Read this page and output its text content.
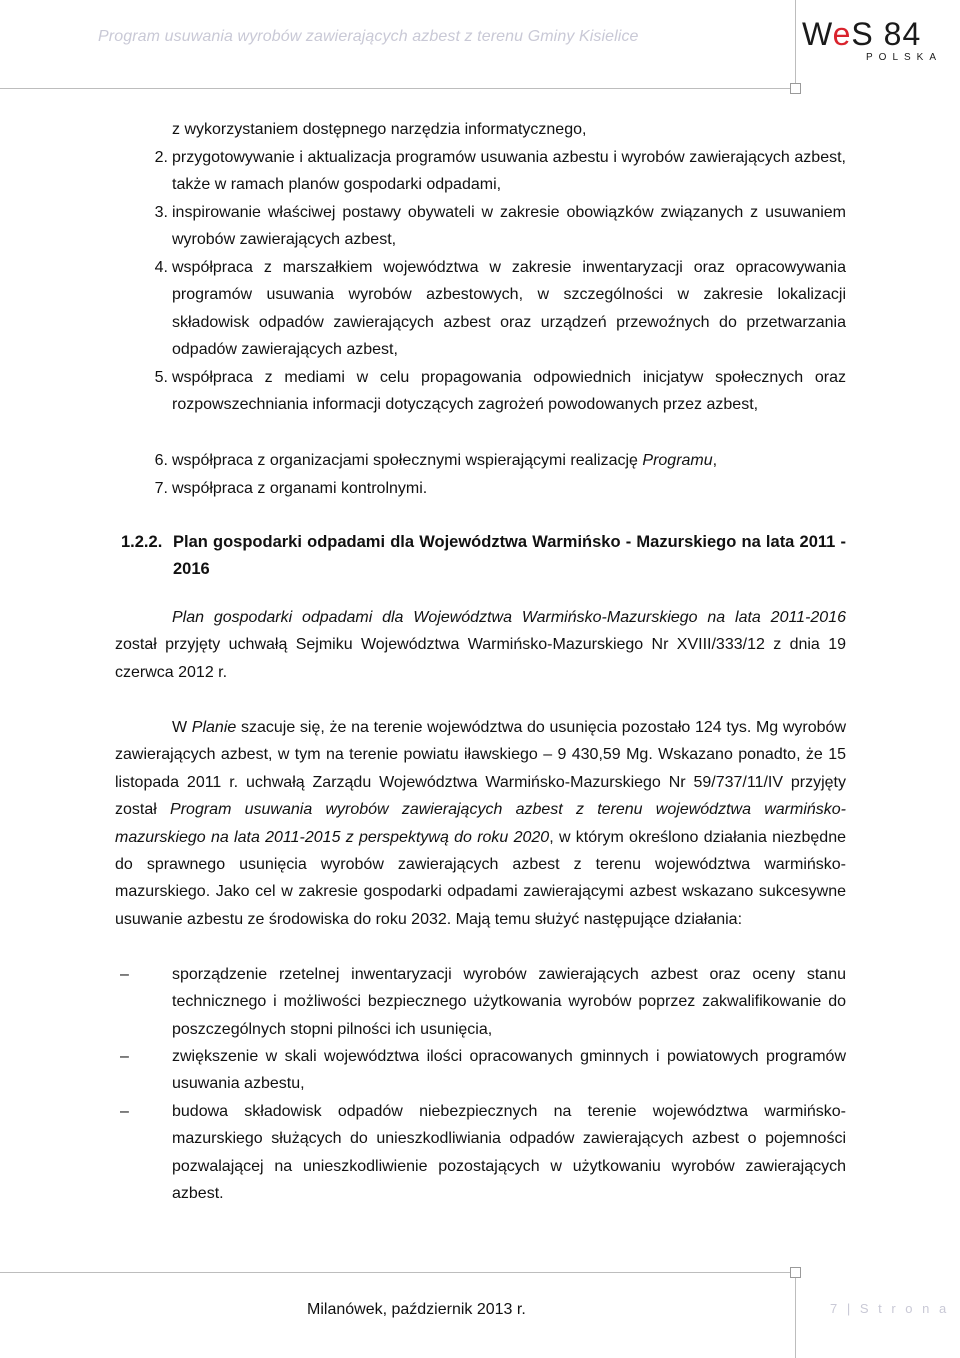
Program usuwania wyrobów zawierających azbest z terenu Gminy Kisielice	WeS 84
POLSKA
z wykorzystaniem dostępnego narzędzia informatycznego,
2. przygotowywanie i aktualizacja programów usuwania azbestu i wyrobów zawierających azbest, także w ramach planów gospodarki odpadami,
3. inspirowanie właściwej postawy obywateli w zakresie obowiązków związanych z usuwaniem wyrobów zawierających azbest,
4. współpraca z marszałkiem województwa w zakresie inwentaryzacji oraz opracowywania programów usuwania wyrobów azbestowych, w szczególności w zakresie lokalizacji składowisk odpadów zawierających azbest oraz urządzeń przewoźnych do przetwarzania odpadów zawierających azbest,
5. współpraca z mediami w celu propagowania odpowiednich inicjatyw społecznych oraz rozpowszechniania informacji dotyczących zagrożeń powodowanych przez azbest,
6. współpraca z organizacjami społecznymi wspierającymi realizację Programu,
7. współpraca z organami kontrolnymi.
1.2.2. Plan gospodarki odpadami dla Województwa Warmińsko - Mazurskiego na lata 2011 - 2016
Plan gospodarki odpadami dla Województwa Warmińsko-Mazurskiego na lata 2011-2016 został przyjęty uchwałą Sejmiku Województwa Warmińsko-Mazurskiego Nr XVIII/333/12 z dnia 19 czerwca 2012 r.
W Planie szacuje się, że na terenie województwa do usunięcia pozostało 124 tys. Mg wyrobów zawierających azbest, w tym na terenie powiatu iławskiego – 9 430,59 Mg. Wskazano ponadto, że 15 listopada 2011 r. uchwałą Zarządu Województwa Warmińsko-Mazurskiego Nr 59/737/11/IV przyjęty został Program usuwania wyrobów zawierających azbest z terenu województwa warmińsko-mazurskiego na lata 2011-2015 z perspektywą do roku 2020, w którym określono działania niezbędne do sprawnego usunięcia wyrobów zawierających azbest z terenu województwa warmińsko-mazurskiego. Jako cel w zakresie gospodarki odpadami zawierającymi azbest wskazano sukcesywne usuwanie azbestu ze środowiska do roku 2032. Mają temu służyć następujące działania:
–	sporządzenie rzetelnej inwentaryzacji wyrobów zawierających azbest oraz oceny stanu technicznego i możliwości bezpiecznego użytkowania wyrobów poprzez zakwalifikowanie do poszczególnych stopni pilności ich usunięcia,
–	zwiększenie w skali województwa ilości opracowanych gminnych i powiatowych programów usuwania azbestu,
–	budowa składowisk odpadów niebezpiecznych na terenie województwa warmińsko-mazurskiego służących do unieszkodliwiania odpadów zawierających azbest o pojemności pozwalającej na unieszkodliwienie pozostających w użytkowaniu wyrobów zawierających azbest.
Milanówek, październik 2013 r.	7 | S t r o n a
